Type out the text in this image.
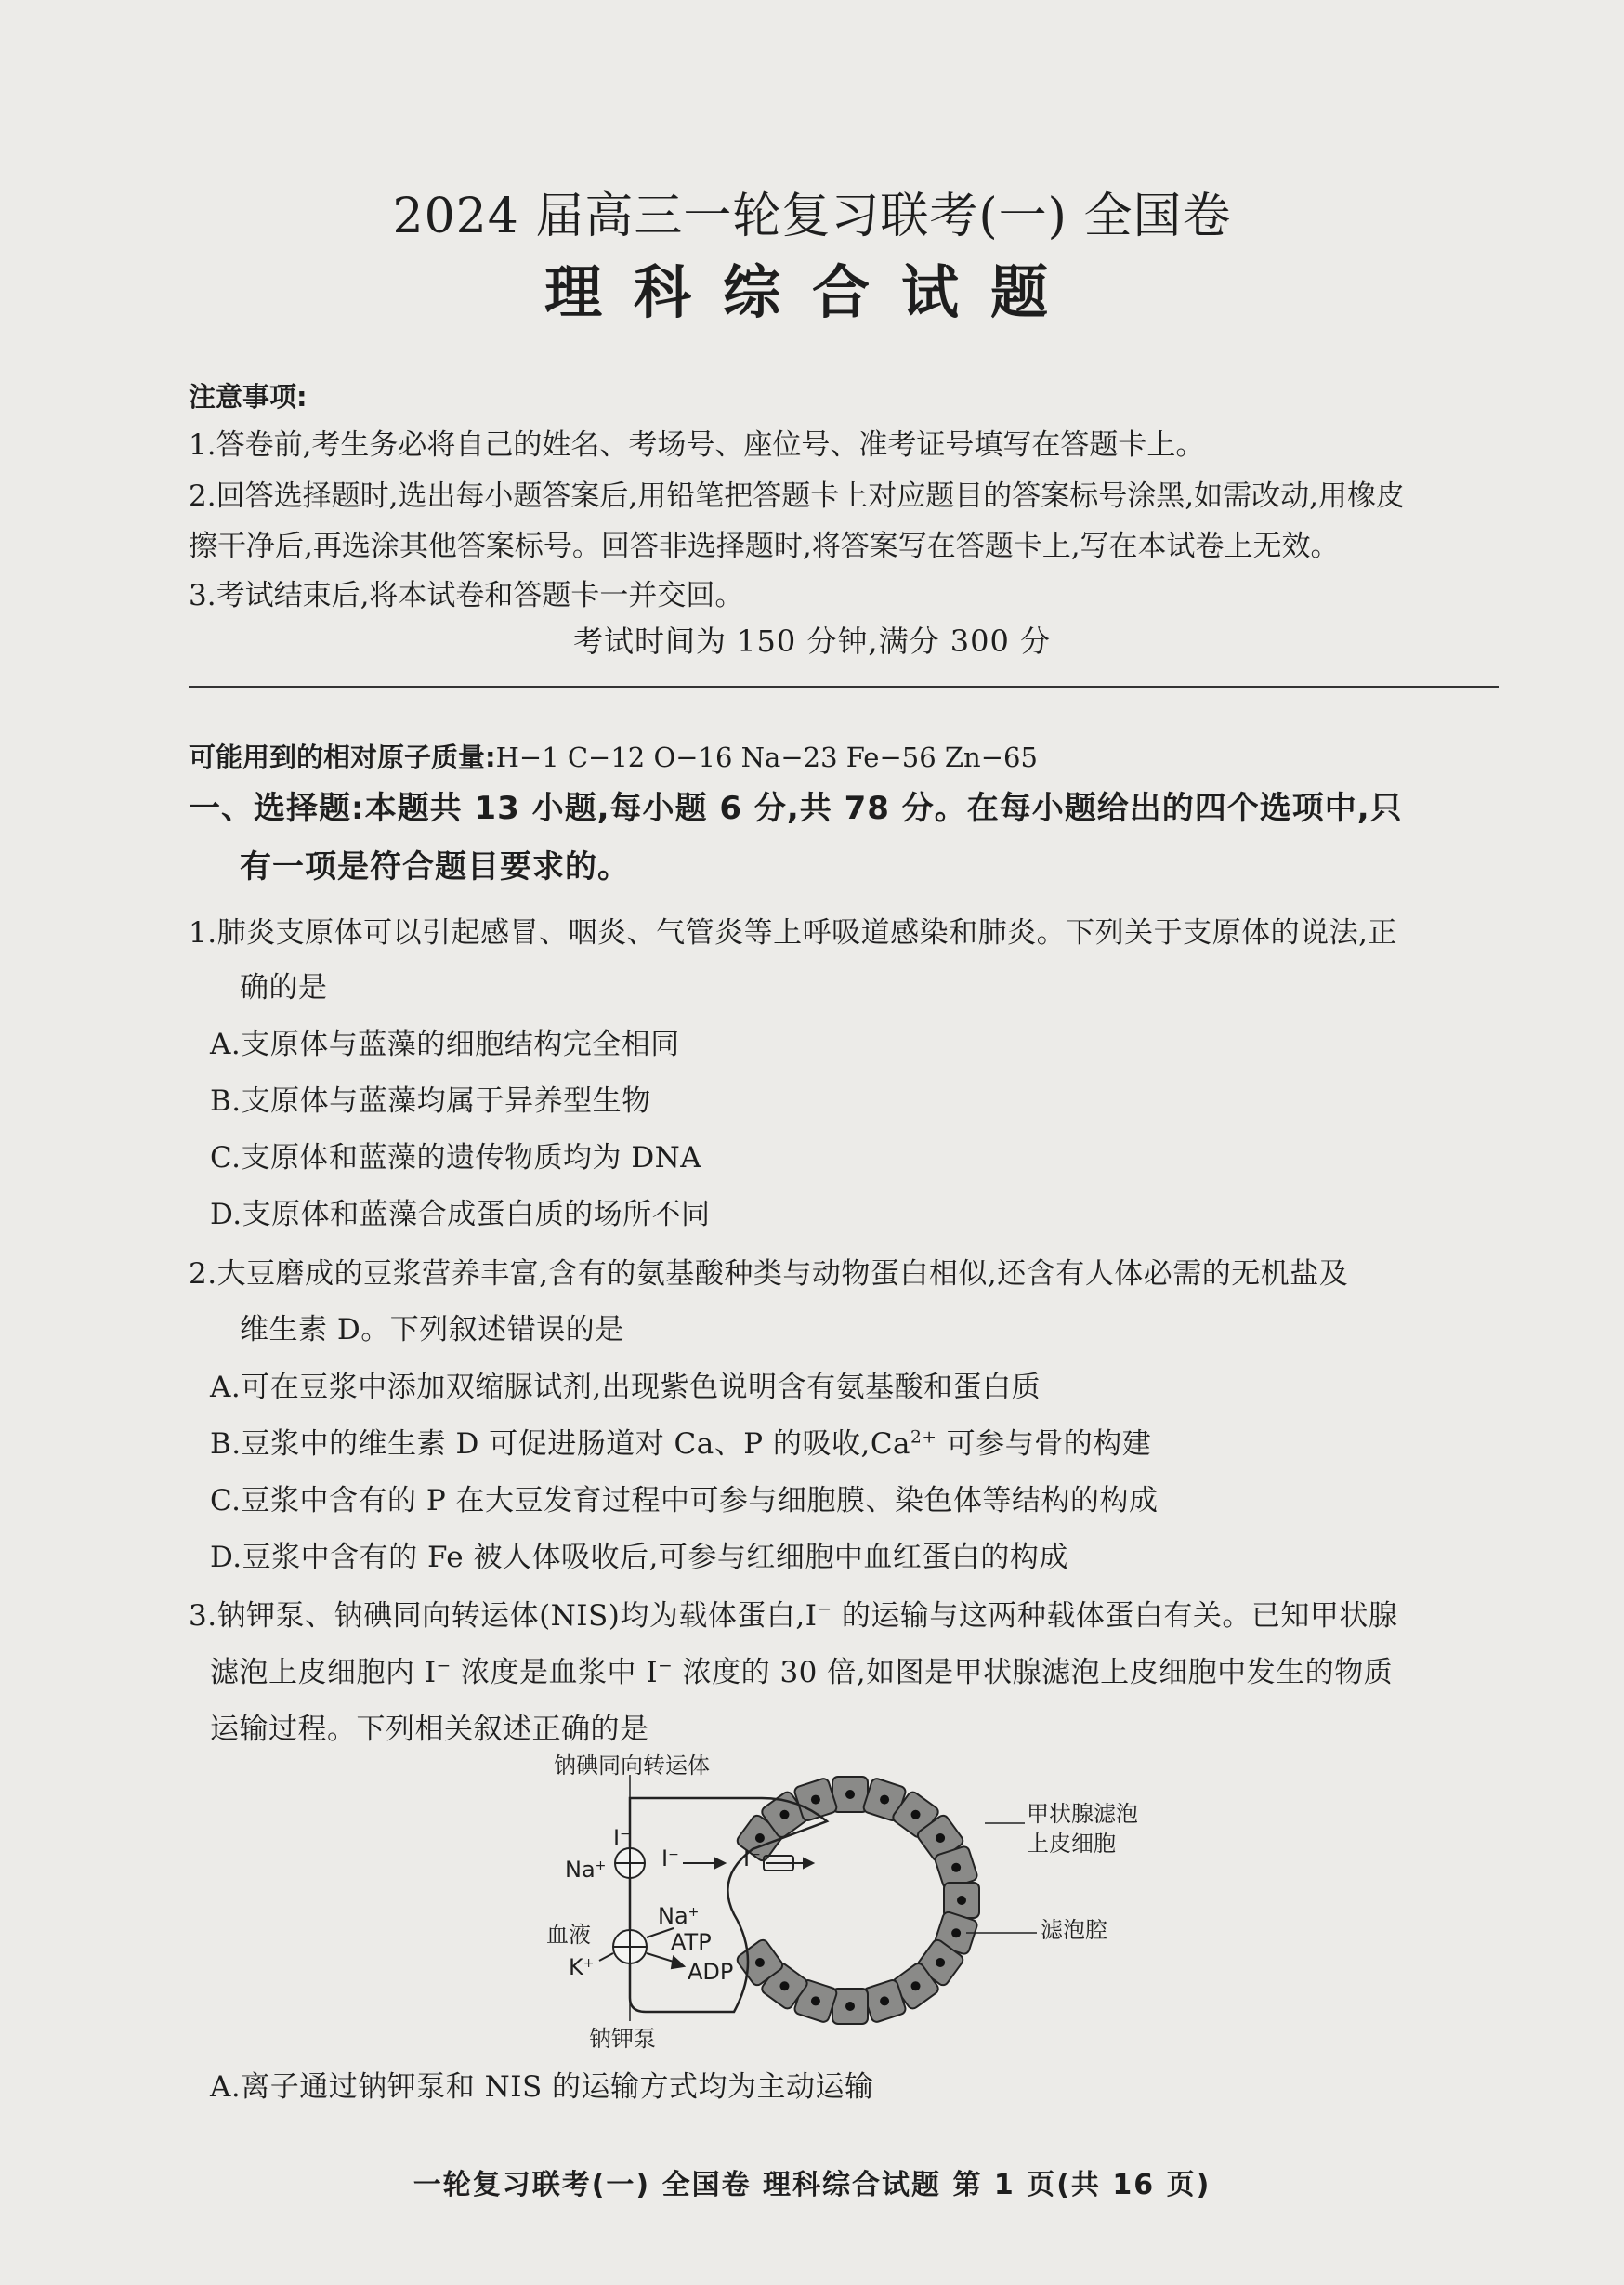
2024 届高三一轮复习联考(一) 全国卷
理科综合试题
注意事项:
1.答卷前,考生务必将自己的姓名、考场号、座位号、准考证号填写在答题卡上。
2.回答选择题时,选出每小题答案后,用铅笔把答题卡上对应题目的答案标号涂黑,如需改动,用橡皮
擦干净后,再选涂其他答案标号。回答非选择题时,将答案写在答题卡上,写在本试卷上无效。
3.考试结束后,将本试卷和答题卡一并交回。
考试时间为 150 分钟,满分 300 分
可能用到的相对原子质量:H−1 C−12 O−16 Na−23 Fe−56 Zn−65
一、选择题:本题共 13 小题,每小题 6 分,共 78 分。在每小题给出的四个选项中,只
有一项是符合题目要求的。
1.肺炎支原体可以引起感冒、咽炎、气管炎等上呼吸道感染和肺炎。下列关于支原体的说法,正
确的是
A.支原体与蓝藻的细胞结构完全相同
B.支原体与蓝藻均属于异养型生物
C.支原体和蓝藻的遗传物质均为 DNA
D.支原体和蓝藻合成蛋白质的场所不同
2.大豆磨成的豆浆营养丰富,含有的氨基酸种类与动物蛋白相似,还含有人体必需的无机盐及
维生素 D。下列叙述错误的是
A.可在豆浆中添加双缩脲试剂,出现紫色说明含有氨基酸和蛋白质
B.豆浆中的维生素 D 可促进肠道对 Ca、P 的吸收$,Ca^{2+}$ 可参与骨的构建
C.豆浆中含有的 P 在大豆发育过程中可参与细胞膜、染色体等结构的构成
D.豆浆中含有的 Fe 被人体吸收后,可参与红细胞中血红蛋白的构成
3.钠钾泵、钠碘同向转运体(NIS)均为载体蛋白,I− 的运输与这两种载体蛋白有关。已知甲状腺
滤泡上皮细胞内 I− 浓度是血浆中 I− 浓度的 30 倍,如图是甲状腺滤泡上皮细胞中发生的物质
运输过程。下列相关叙述正确的是
钠碘同向转运体
I−
Na+ I−	I−
血液
Na+
ATP
ADP
K+
钠钾泵
甲状腺滤泡
上皮细胞
滤泡腔
A.离子通过钠钾泵和 NIS 的运输方式均为主动运输
一轮复习联考(一) 全国卷 理科综合试题 第 1 页(共 16 页)
